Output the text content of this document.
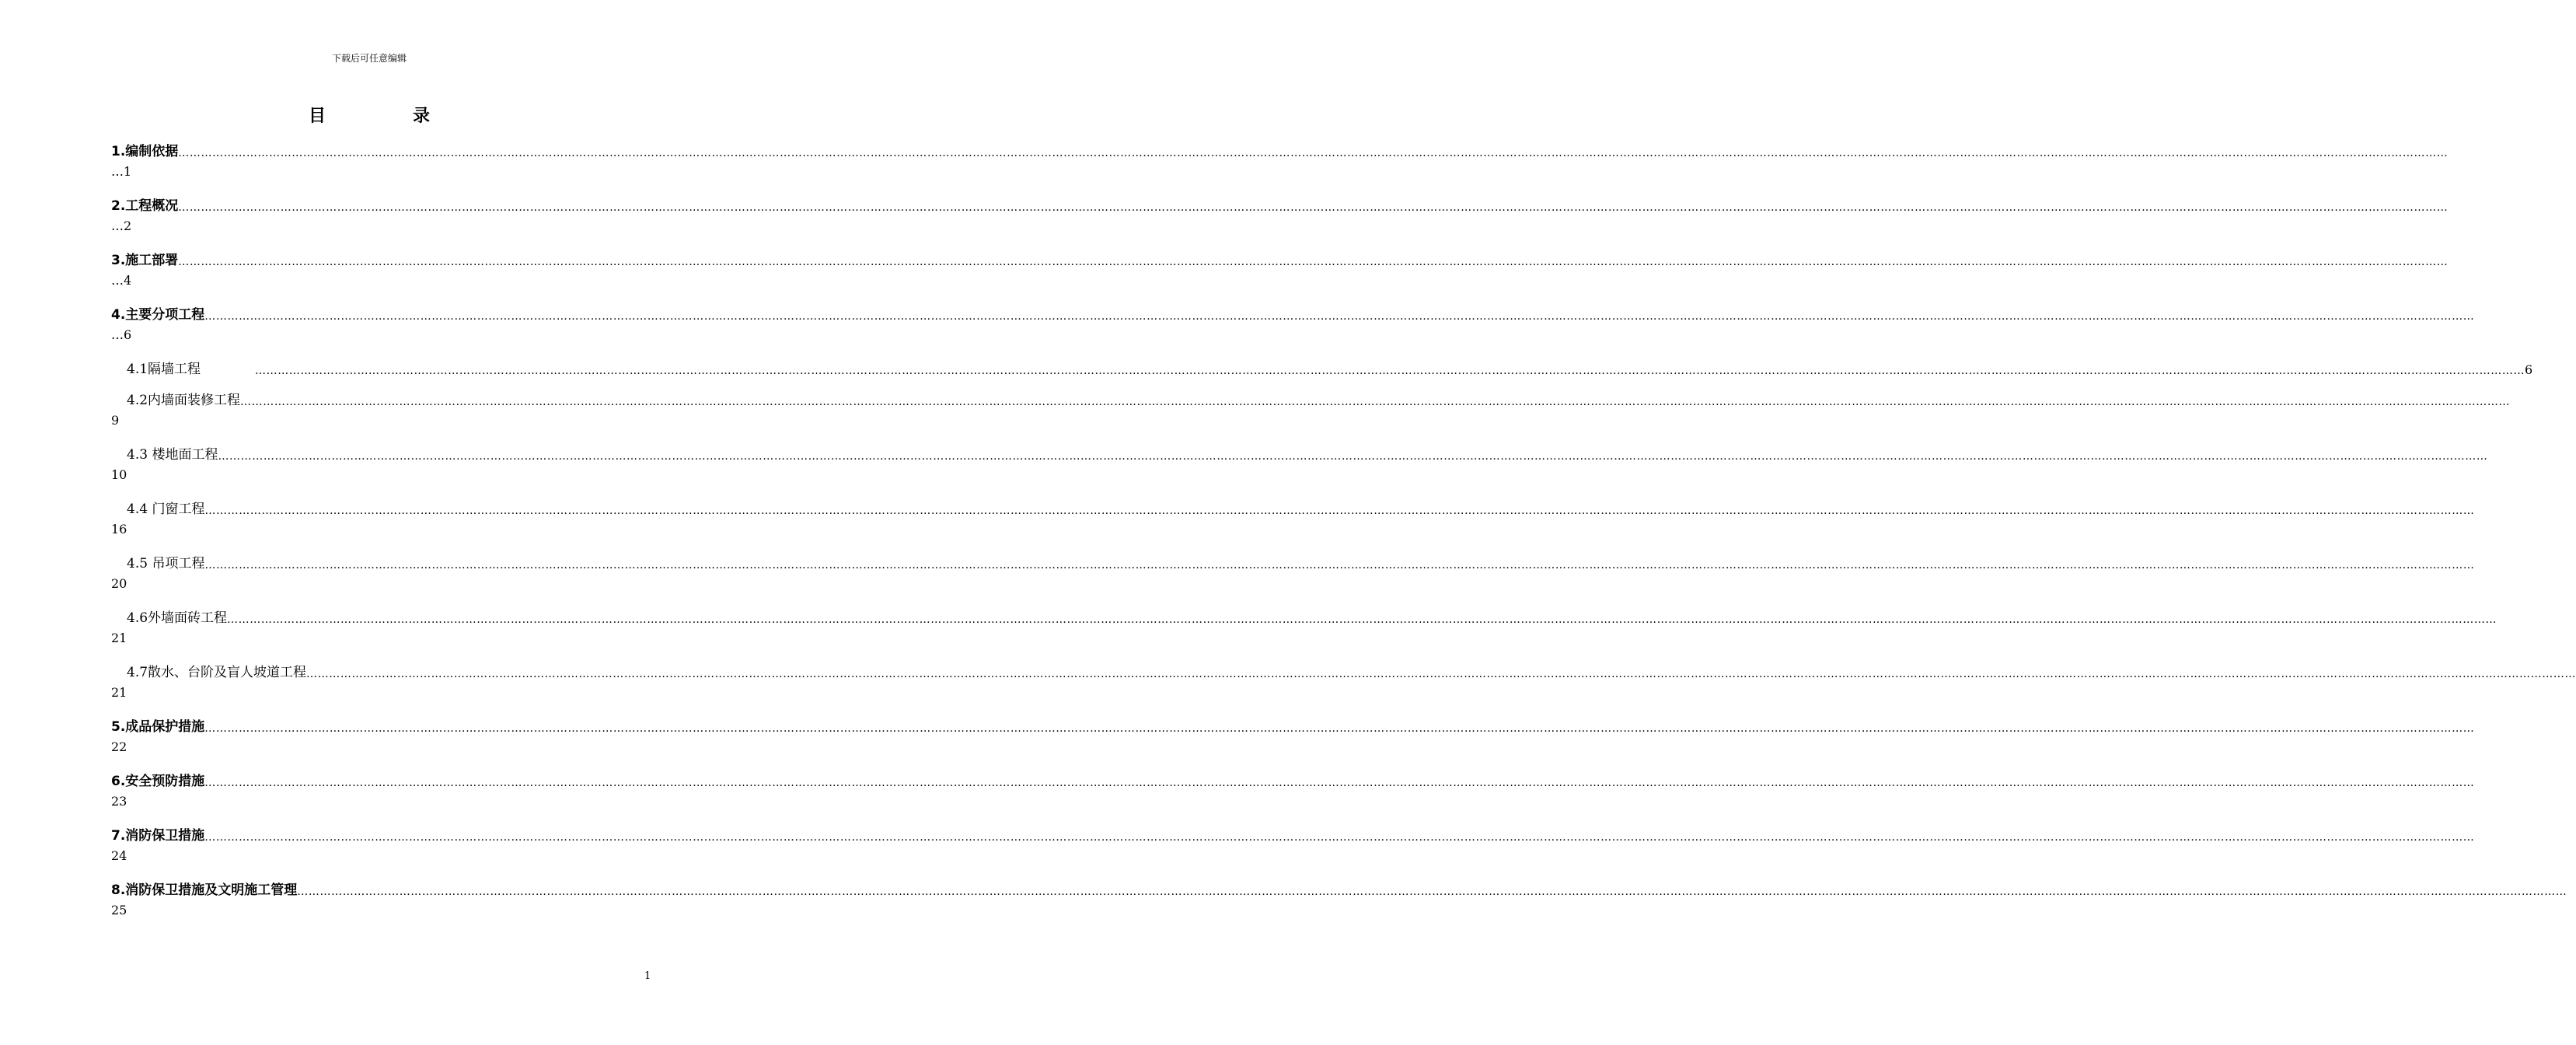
下载后可任意编辑
目	录
1.编制依据 ……………………………………………………………………………………………………………………………………………………………………………………………………………………………………………………………………………………………………………………………………………………………………………………………………………………………………………………………………………………………………………………………………………………
…1
2.工程概况 ……………………………………………………………………………………………………………………………………………………………………………………………………………………………………………………………………………………………………………………………………………………………………………………………………………………………………………………………………………………………………………………………………………………
…2
3.施工部署 ……………………………………………………………………………………………………………………………………………………………………………………………………………………………………………………………………………………………………………………………………………………………………………………………………………………………………………………………………………………………………………………………………………………
…4
4.主要分项工程 ……………………………………………………………………………………………………………………………………………………………………………………………………………………………………………………………………………………………………………………………………………………………………………………………………………………………………………………………………………………………………………………………………………………
…6
4.1隔墙工程	…………………………………………………………………………………………………………………………………………………………………………………………………………………………………………………………………………………………………………………………………………………………………………………………………………………………………………………………………………………………………………………………………………………… 6
4.2内墙面装修工程 ……………………………………………………………………………………………………………………………………………………………………………………………………………………………………………………………………………………………………………………………………………………………………………………………………………………………………………………………………………………………………………………………………………………
9
4.3 楼地面工程 ……………………………………………………………………………………………………………………………………………………………………………………………………………………………………………………………………………………………………………………………………………………………………………………………………………………………………………………………………………………………………………………………………………………
10
4.4 门窗工程 ……………………………………………………………………………………………………………………………………………………………………………………………………………………………………………………………………………………………………………………………………………………………………………………………………………………………………………………………………………………………………………………………………………………
16
4.5 吊项工程 ……………………………………………………………………………………………………………………………………………………………………………………………………………………………………………………………………………………………………………………………………………………………………………………………………………………………………………………………………………………………………………………………………………………
20
4.6外墙面砖工程 ……………………………………………………………………………………………………………………………………………………………………………………………………………………………………………………………………………………………………………………………………………………………………………………………………………………………………………………………………………………………………………………………………………………
21
4.7散水、台阶及盲人坡道工程 ……………………………………………………………………………………………………………………………………………………………………………………………………………………………………………………………………………………………………………………………………………………………………………………………………………………………………………………………………………………………………………………………………………………
21
5.成品保护措施 ……………………………………………………………………………………………………………………………………………………………………………………………………………………………………………………………………………………………………………………………………………………………………………………………………………………………………………………………………………………………………………………………………………………
22
6.安全预防措施 ……………………………………………………………………………………………………………………………………………………………………………………………………………………………………………………………………………………………………………………………………………………………………………………………………………………………………………………………………………………………………………………………………………………
23
7.消防保卫措施 ……………………………………………………………………………………………………………………………………………………………………………………………………………………………………………………………………………………………………………………………………………………………………………………………………………………………………………………………………………………………………………………………………………………
24
8.消防保卫措施及文明施工管理 ……………………………………………………………………………………………………………………………………………………………………………………………………………………………………………………………………………………………………………………………………………………………………………………………………………………………………………………………………………………………………………………………………………………
25
1
